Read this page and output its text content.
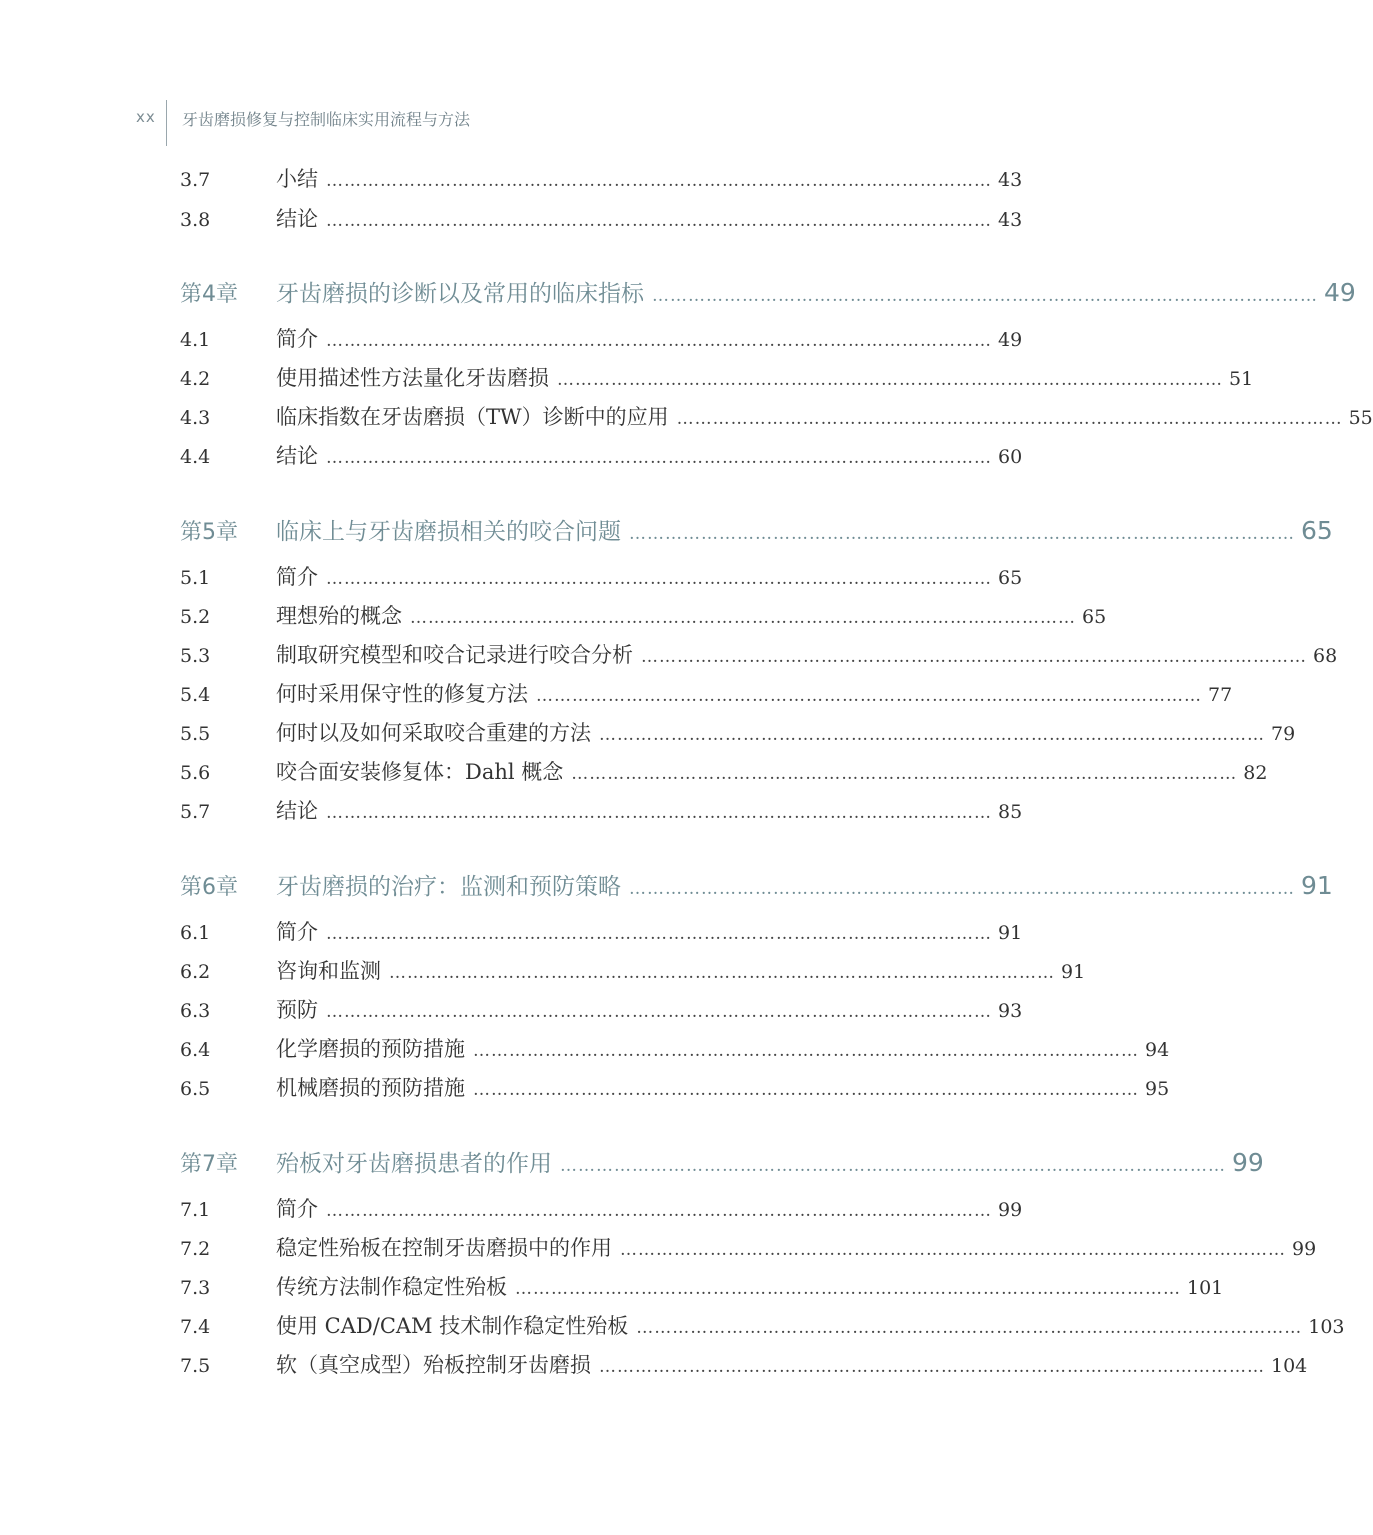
xx 牙齿磨损修复与控制临床实用流程与方法
3.7	小结 ………………………………………………………………………………………………… 43
3.8	结论 ………………………………………………………………………………………………… 43
第4章	牙齿磨损的诊断以及常用的临床指标 ………………………………………………………………………………………………… 49
4.1	简介 ………………………………………………………………………………………………… 49
4.2	使用描述性方法量化牙齿磨损 ………………………………………………………………………………………………… 51
4.3	临床指数在牙齿磨损（TW）诊断中的应用 ………………………………………………………………………………………………… 55
4.4	结论 ………………………………………………………………………………………………… 60
第5章	临床上与牙齿磨损相关的咬合问题 ………………………………………………………………………………………………… 65
5.1	简介 ………………………………………………………………………………………………… 65
5.2	理想殆的概念 ………………………………………………………………………………………………… 65
5.3	制取研究模型和咬合记录进行咬合分析 ………………………………………………………………………………………………… 68
5.4	何时采用保守性的修复方法 ………………………………………………………………………………………………… 77
5.5	何时以及如何采取咬合重建的方法 ………………………………………………………………………………………………… 79
5.6	咬合面安装修复体：Dahl 概念 ………………………………………………………………………………………………… 82
5.7	结论 ………………………………………………………………………………………………… 85
第6章	牙齿磨损的治疗：监测和预防策略 ………………………………………………………………………………………………… 91
6.1	简介 ………………………………………………………………………………………………… 91
6.2	咨询和监测 ………………………………………………………………………………………………… 91
6.3	预防 ………………………………………………………………………………………………… 93
6.4	化学磨损的预防措施 ………………………………………………………………………………………………… 94
6.5	机械磨损的预防措施 ………………………………………………………………………………………………… 95
第7章	殆板对牙齿磨损患者的作用 ………………………………………………………………………………………………… 99
7.1	简介 ………………………………………………………………………………………………… 99
7.2	稳定性殆板在控制牙齿磨损中的作用 ………………………………………………………………………………………………… 99
7.3	传统方法制作稳定性殆板 ………………………………………………………………………………………………… 101
7.4	使用 CAD/CAM 技术制作稳定性殆板 ………………………………………………………………………………………………… 103
7.5	软（真空成型）殆板控制牙齿磨损 ………………………………………………………………………………………………… 104
